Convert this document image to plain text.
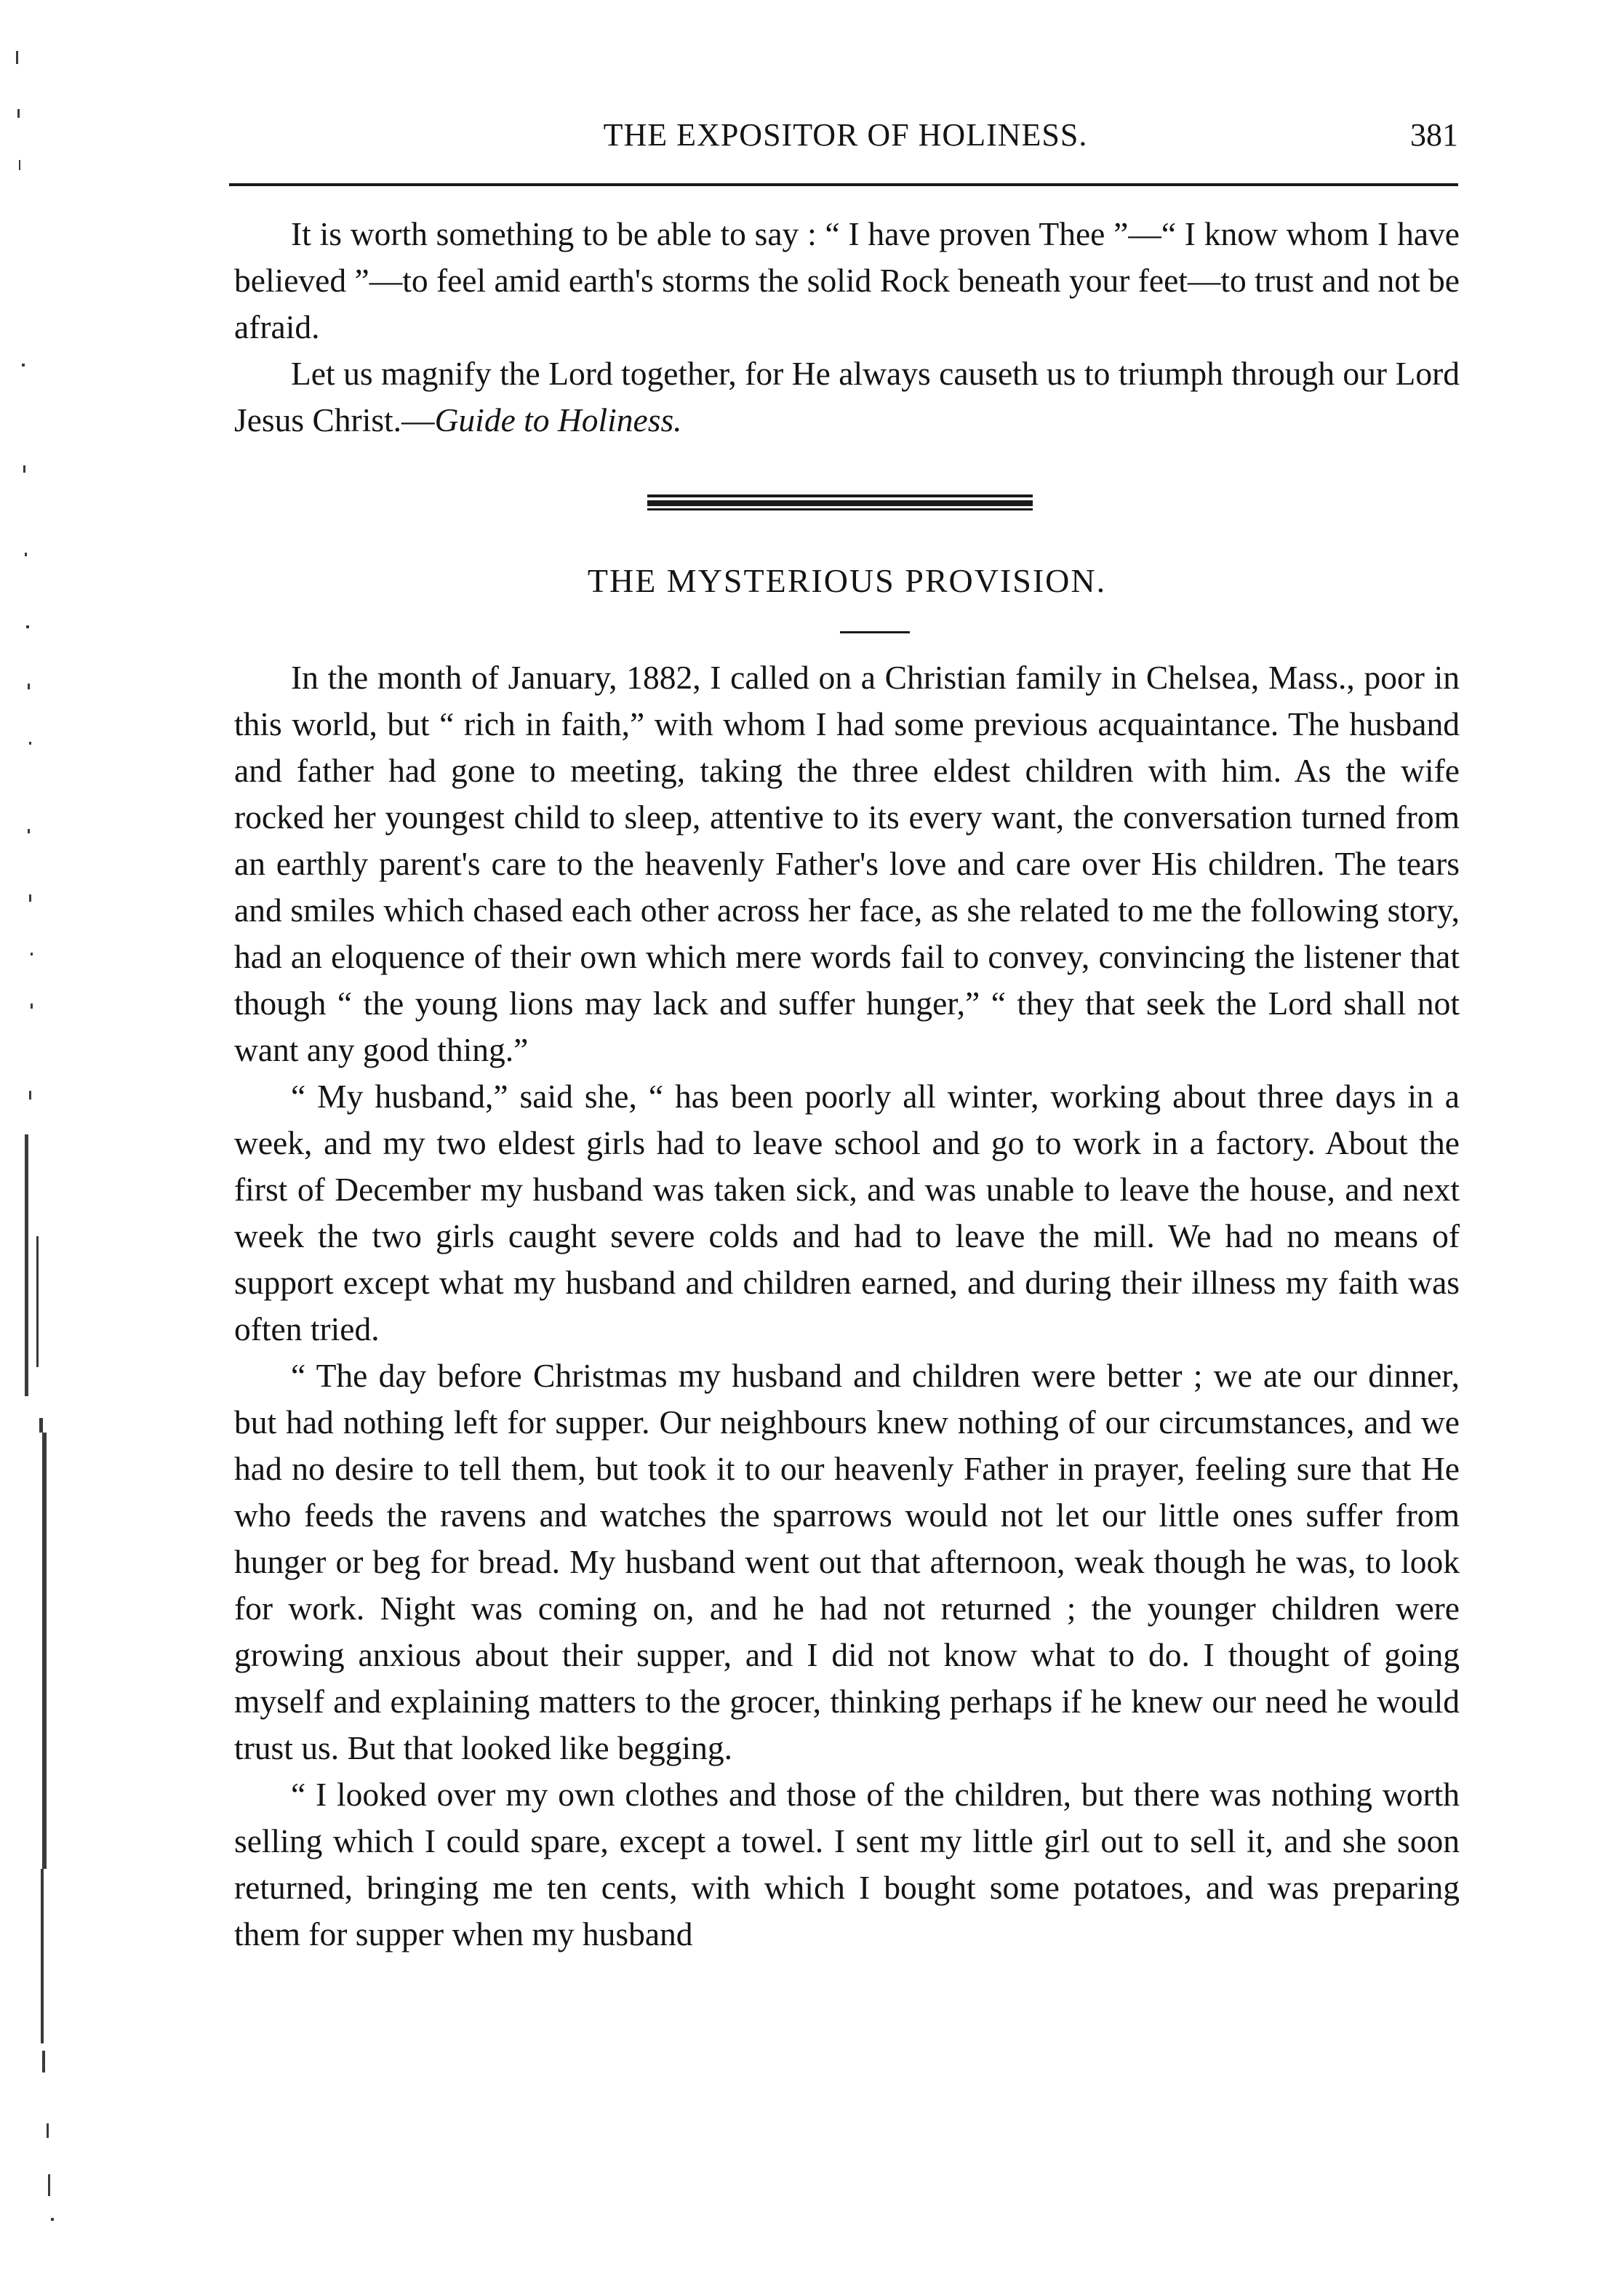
THE EXPOSITOR OF HOLINESS.	381

It is worth something to be able to say : “ I have proven Thee ”—“ I know whom I have believed ”—to feel amid earth's storms the solid Rock beneath your feet—to trust and not be afraid.

Let us magnify the Lord together, for He always causeth us to triumph through our Lord Jesus Christ.—Guide to Holiness.

THE MYSTERIOUS PROVISION.

In the month of January, 1882, I called on a Christian family in Chelsea, Mass., poor in this world, but “ rich in faith,” with whom I had some previous acquaintance. The husband and father had gone to meeting, taking the three eldest children with him. As the wife rocked her youngest child to sleep, attentive to its every want, the conversation turned from an earthly parent's care to the heavenly Father's love and care over His children. The tears and smiles which chased each other across her face, as she related to me the following story, had an eloquence of their own which mere words fail to convey, convincing the listener that though “ the young lions may lack and suffer hunger,” “ they that seek the Lord shall not want any good thing.”

“ My husband,” said she, “ has been poorly all winter, working about three days in a week, and my two eldest girls had to leave school and go to work in a factory. About the first of December my husband was taken sick, and was unable to leave the house, and next week the two girls caught severe colds and had to leave the mill. We had no means of support except what my husband and children earned, and during their illness my faith was often tried.

“ The day before Christmas my husband and children were better ; we ate our dinner, but had nothing left for supper. Our neighbours knew nothing of our circumstances, and we had no desire to tell them, but took it to our heavenly Father in prayer, feeling sure that He who feeds the ravens and watches the sparrows would not let our little ones suffer from hunger or beg for bread. My husband went out that afternoon, weak though he was, to look for work. Night was coming on, and he had not returned ; the younger children were growing anxious about their supper, and I did not know what to do. I thought of going myself and explaining matters to the grocer, thinking perhaps if he knew our need he would trust us. But that looked like begging.

“ I looked over my own clothes and those of the children, but there was nothing worth selling which I could spare, except a towel. I sent my little girl out to sell it, and she soon returned, bringing me ten cents, with which I bought some potatoes, and was preparing them for supper when my husband
